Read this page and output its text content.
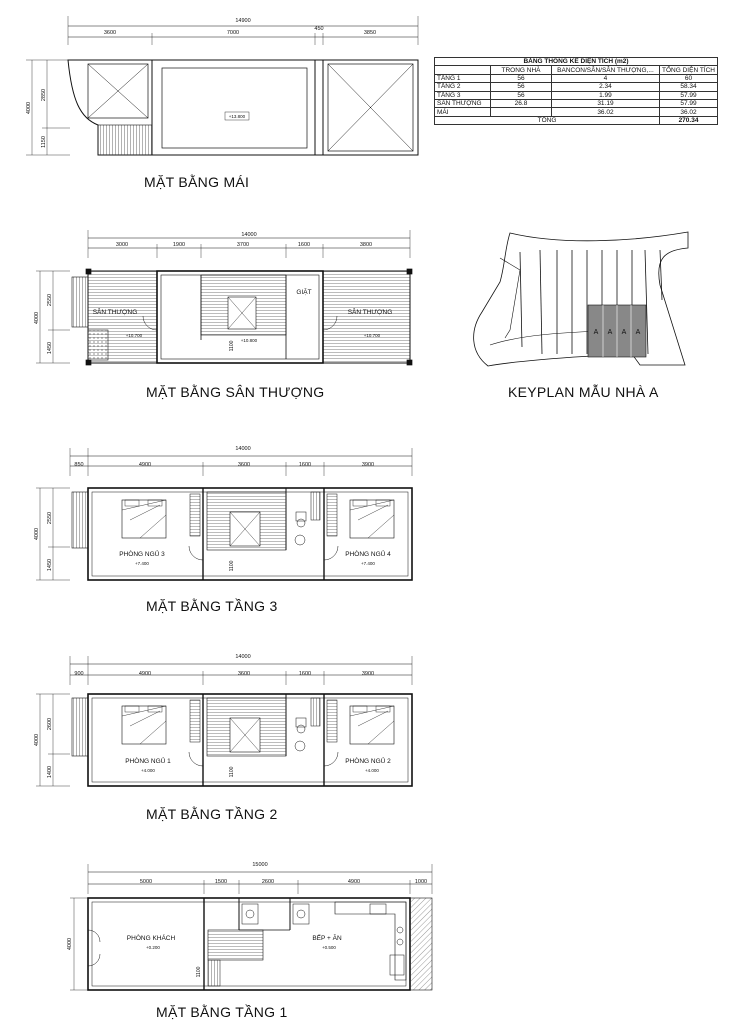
14900
3600	7000
450
3850
+13.800
4000
2850
1150
14000
3000	1900	3700	1600	3800
4000
2550
1450	1100
SÂN THƯỢNG	SÂN THƯỢNG
GIẶT
+10.700
+10.800
+10.700	A A A A
14000
850	4900	3600	1600	3900
4000
2550
1450	1100
PHÒNG NGỦ 3	PHÒNG NGỦ 4
+7.400	+7.400
14000
900	4900	3600	1600	3900
4000
2600
1400	1100
PHÒNG NGỦ 1	PHÒNG NGỦ 2
+4.000	+4.000
15000
5000	1500	2600	4900	1000
4000
1100
PHÒNG KHÁCH	BẾP + ĂN
+0.200	+0.500
BẢNG THỐNG KÊ DIỆN TÍCH (m2)			
	TRONG NHÀ	BANCON/SÂN/SÂN THƯỢNG,...	TỔNG DIỆN TÍCH
TẦNG 1	56	4	60
TẦNG 2	56	2.34	58.34
TẦNG 3	56	1.99	57.99
SÂN THƯỢNG	26.8	31.19	57.99
MÁI		36.02	36.02
TỔNG			270.34
MẶT BẰNG MÁI
MẶT BẰNG SÂN THƯỢNG	KEYPLAN MẪU NHÀ A
MẶT BẰNG TẦNG 3
MẶT BẰNG TẦNG 2
MẶT BẰNG TẦNG 1
